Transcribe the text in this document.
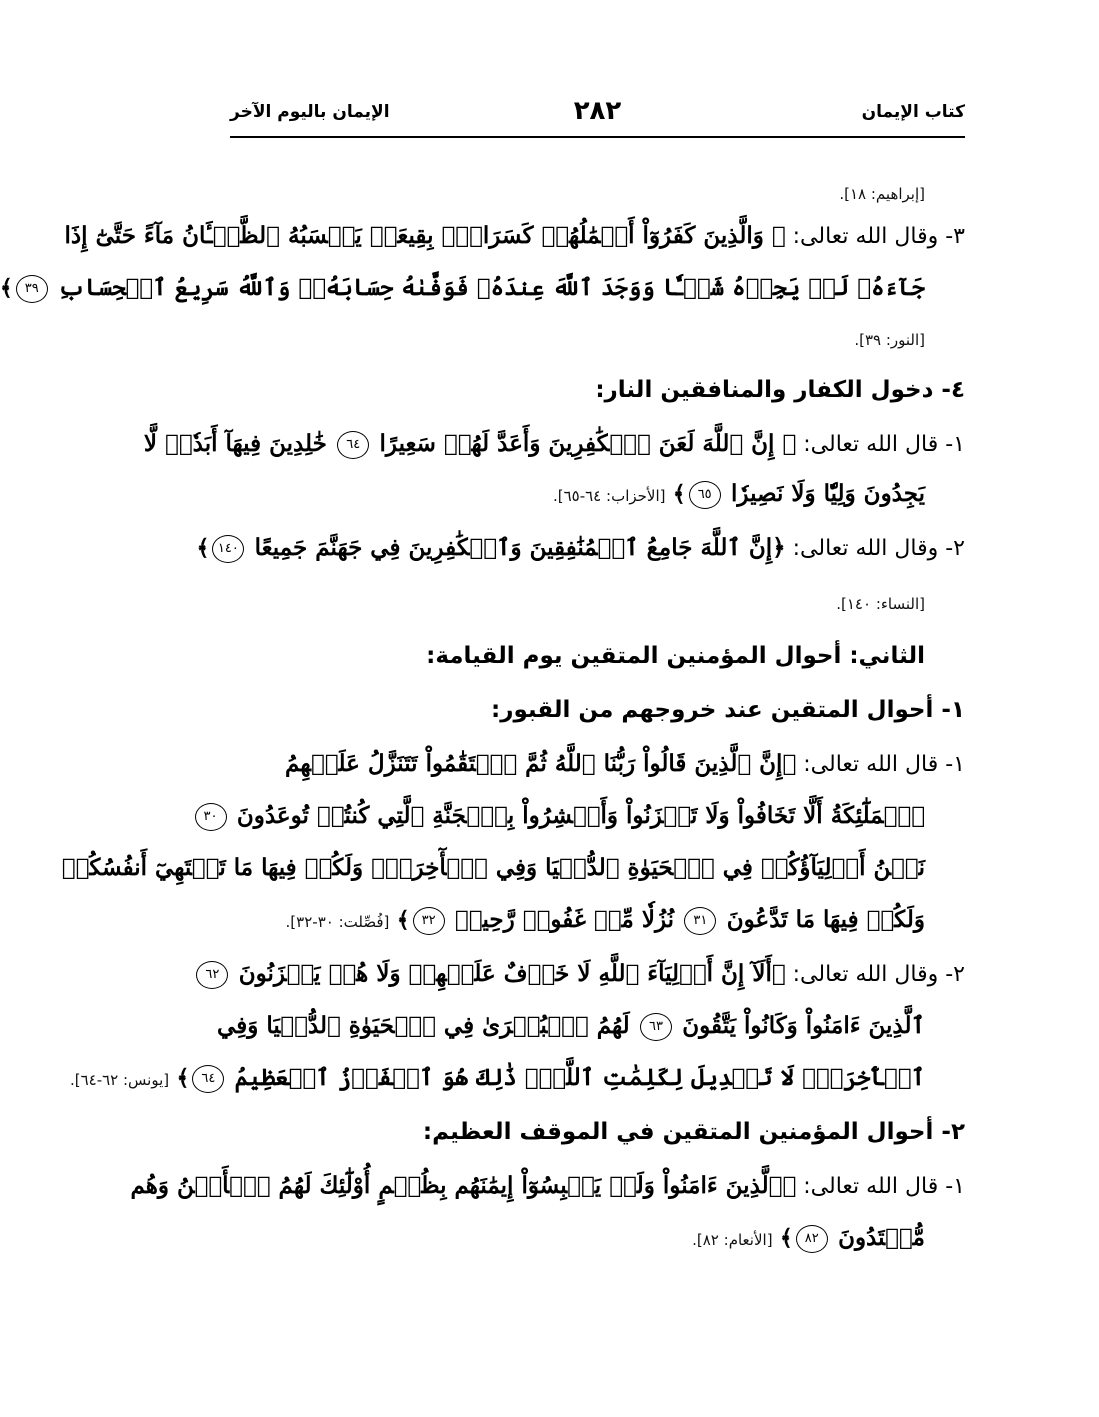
كتاب الإيمان
٢٨٢
الإيمان باليوم الآخر
[إبراهيم: ١٨].
٣- وقال الله تعالى: ﴿ وَالَّذِينَ كَفَرُوٓاْ أَعۡمَٰلُهُمۡ كَسَرَابِۭ بِقِيعَةٖ يَحۡسَبُهُ ٱلظَّمۡـَٔانُ مَآءً حَتَّىٰٓ إِذَا
جَآءَهُۥ لَمۡ يَجِدۡهُ شَيۡـٔٗا وَوَجَدَ ٱللَّهَ عِندَهُۥ فَوَفَّىٰهُ حِسَابَهُۥۗ وَٱللَّهُ سَرِيعُ ٱلۡحِسَابِ ٣٩﴾
[النور: ٣٩].
٤- دخول الكفار والمنافقين النار:
١- قال الله تعالى: ﴿ إِنَّ ٱللَّهَ لَعَنَ ٱلۡكَٰفِرِينَ وَأَعَدَّ لَهُمۡ سَعِيرًا ٦٤ خَٰلِدِينَ فِيهَآ أَبَدٗاۖ لَّا
يَجِدُونَ وَلِيّٗا وَلَا نَصِيرٗا ٦٥﴾ [الأحزاب: ٦٤-٦٥].
٢- وقال الله تعالى: ﴿إِنَّ ٱللَّهَ جَامِعُ ٱلۡمُنَٰفِقِينَ وَٱلۡكَٰفِرِينَ فِي جَهَنَّمَ جَمِيعًا ١٤٠﴾
[النساء: ١٤٠].
الثاني: أحوال المؤمنين المتقين يوم القيامة:
١- أحوال المتقين عند خروجهم من القبور:
١- قال الله تعالى: ﴿إِنَّ ٱلَّذِينَ قَالُواْ رَبُّنَا ٱللَّهُ ثُمَّ ٱسۡتَقَٰمُواْ تَتَنَزَّلُ عَلَيۡهِمُ
ٱلۡمَلَٰٓئِكَةُ أَلَّا تَخَافُواْ وَلَا تَحۡزَنُواْ وَأَبۡشِرُواْ بِٱلۡجَنَّةِ ٱلَّتِي كُنتُمۡ تُوعَدُونَ ٣٠
نَحۡنُ أَوۡلِيَآؤُكُمۡ فِي ٱلۡحَيَوٰةِ ٱلدُّنۡيَا وَفِي ٱلۡأٓخِرَةِۖ وَلَكُمۡ فِيهَا مَا تَشۡتَهِيٓ أَنفُسُكُمۡ
وَلَكُمۡ فِيهَا مَا تَدَّعُونَ ٣١ نُزُلٗا مِّنۡ غَفُورٖ رَّحِيمٖ ٣٢﴾ [فُصِّلت: ٣٠-٣٢].
٢- وقال الله تعالى: ﴿أَلَآ إِنَّ أَوۡلِيَآءَ ٱللَّهِ لَا خَوۡفٌ عَلَيۡهِمۡ وَلَا هُمۡ يَحۡزَنُونَ ٦٢
ٱلَّذِينَ ءَامَنُواْ وَكَانُواْ يَتَّقُونَ ٦٣ لَهُمُ ٱلۡبُشۡرَىٰ فِي ٱلۡحَيَوٰةِ ٱلدُّنۡيَا وَفِي
ٱلۡأٓخِرَةِۚ لَا تَبۡدِيلَ لِكَلِمَٰتِ ٱللَّهِۚ ذَٰلِكَ هُوَ ٱلۡفَوۡزُ ٱلۡعَظِيمُ ٦٤﴾ [يونس: ٦٢-٦٤].
٢- أحوال المؤمنين المتقين في الموقف العظيم:
١- قال الله تعالى: ﴿ٱلَّذِينَ ءَامَنُواْ وَلَمۡ يَلۡبِسُوٓاْ إِيمَٰنَهُم بِظُلۡمٍ أُوْلَٰٓئِكَ لَهُمُ ٱلۡأَمۡنُ وَهُم
مُّهۡتَدُونَ ٨٢﴾ [الأنعام: ٨٢].
